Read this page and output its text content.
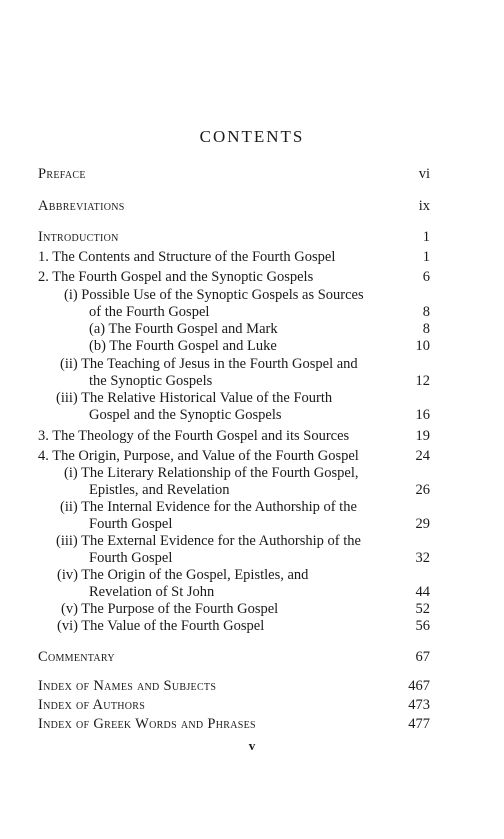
CONTENTS
Preface	vi
Abbreviations	ix
Introduction	1
1. The Contents and Structure of the Fourth Gospel	1
2. The Fourth Gospel and the Synoptic Gospels	6
(i) Possible Use of the Synoptic Gospels as Sources
of the Fourth Gospel	8
(a) The Fourth Gospel and Mark	8
(b) The Fourth Gospel and Luke	10
(ii) The Teaching of Jesus in the Fourth Gospel and
the Synoptic Gospels	12
(iii) The Relative Historical Value of the Fourth
Gospel and the Synoptic Gospels	16
3. The Theology of the Fourth Gospel and its Sources	19
4. The Origin, Purpose, and Value of the Fourth Gospel	24
(i) The Literary Relationship of the Fourth Gospel,
Epistles, and Revelation	26
(ii) The Internal Evidence for the Authorship of the
Fourth Gospel	29
(iii) The External Evidence for the Authorship of the
Fourth Gospel	32
(iv) The Origin of the Gospel, Epistles, and
Revelation of St John	44
(v) The Purpose of the Fourth Gospel	52
(vi) The Value of the Fourth Gospel	56
Commentary	67
Index of Names and Subjects	467
Index of Authors	473
Index of Greek Words and Phrases	477
v
